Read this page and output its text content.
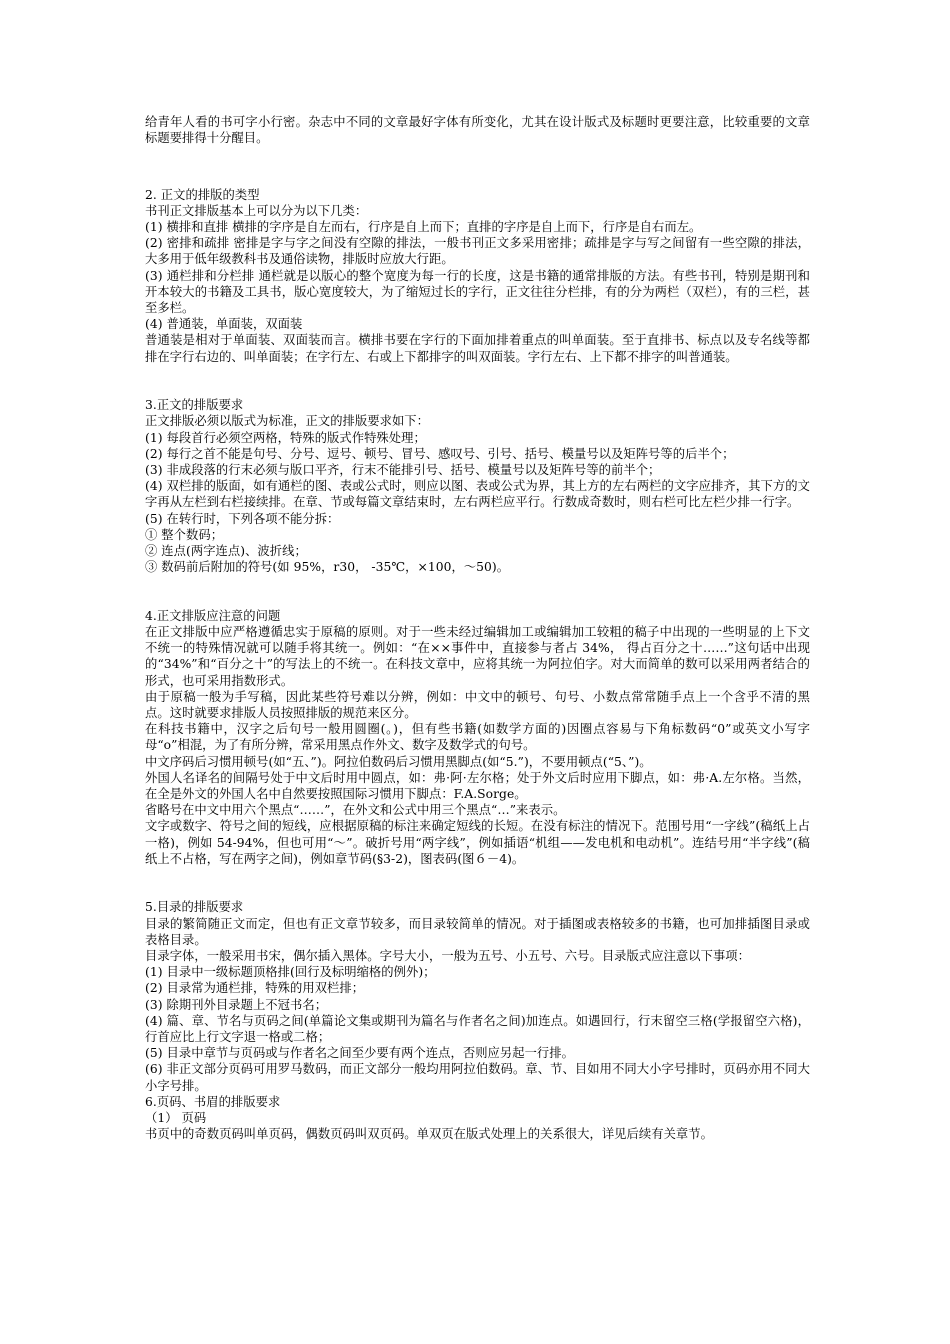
给青年人看的书可字小行密。杂志中不同的文章最好字体有所变化，尤其在设计版式及标题时更要注意，比较重要的文章标题要排得十分醒目。

2. 正文的排版的类型

书刊正文排版基本上可以分为以下几类：

(1) 横排和直排 横排的字序是自左而右，行序是自上而下；直排的字序是自上而下，行序是自右而左。

(2) 密排和疏排 密排是字与字之间没有空隙的排法，一般书刊正文多采用密排；疏排是字与写之间留有一些空隙的排法，大多用于低年级教科书及通俗读物，排版时应放大行距。

(3) 通栏排和分栏排 通栏就是以版心的整个宽度为每一行的长度，这是书籍的通常排版的方法。有些书刊，特别是期刊和开本较大的书籍及工具书，版心宽度较大，为了缩短过长的字行，正文往往分栏排，有的分为两栏（双栏），有的三栏，甚至多栏。

(4) 普通装，单面装，双面装

普通装是相对于单面装、双面装而言。横排书要在字行的下面加排着重点的叫单面装。至于直排书、标点以及专名线等都排在字行右边的、叫单面装；在字行左、右或上下都排字的叫双面装。字行左右、上下都不排字的叫普通装。

3.正文的排版要求

正文排版必须以版式为标准，正文的排版要求如下：

(1) 每段首行必须空两格，特殊的版式作特殊处理；

(2) 每行之首不能是句号、分号、逗号、顿号、冒号、感叹号、引号、括号、模量号以及矩阵号等的后半个；

(3) 非成段落的行末必须与版口平齐，行末不能排引号、括号、模量号以及矩阵号等的前半个；

(4) 双栏排的版面，如有通栏的图、表或公式时，则应以图、表或公式为界，其上方的左右两栏的文字应排齐，其下方的文字再从左栏到右栏接续排。在章、节或每篇文章结束时，左右两栏应平行。行数成奇数时，则右栏可比左栏少排一行字。

(5) 在转行时，下列各项不能分拆：

① 整个数码；

② 连点(两字连点)、波折线；

③ 数码前后附加的符号(如 95%，r30， -35℃，×100，～50)。

4.正文排版应注意的问题

在正文排版中应严格遵循忠实于原稿的原则。对于一些未经过编辑加工或编辑加工较粗的稿子中出现的一些明显的上下文不统一的特殊情况就可以随手将其统一。例如：“在××事件中，直接参与者占 34%， 得占百分之十……”这句话中出现的“34%”和“百分之十”的写法上的不统一。在科技文章中，应将其统一为阿拉伯字。对大而简单的数可以采用两者结合的形式，也可采用指数形式。

由于原稿一般为手写稿，因此某些符号难以分辨，例如：中文中的顿号、句号、小数点常常随手点上一个含乎不清的黑点。这时就要求排版人员按照排版的规范来区分。

在科技书籍中，汉字之后句号一般用圆圈(。)，但有些书籍(如数学方面的)因圈点容易与下角标数码“0”或英文小写字母“o”相混，为了有所分辨，常采用黑点作外文、数字及数学式的句号。

中文序码后习惯用顿号(如“五、”)。阿拉伯数码后习惯用黑脚点(如“5.”)，不要用顿点(“5、”)。

外国人名译名的间隔号处于中文后时用中圆点，如：弗·阿·左尔格；处于外文后时应用下脚点，如：弗·A.左尔格。当然，在全是外文的外国人名中自然要按照国际习惯用下脚点：F.A.Sorge。

省略号在中文中用六个黑点“……”，在外文和公式中用三个黑点“…”来表示。

文字或数字、符号之间的短线，应根据原稿的标注来确定短线的长短。在没有标注的情况下。范围号用“一字线”(稿纸上占一格)，例如 54-94%，但也可用“～”。破折号用“两字线”，例如插语“机组——发电机和电动机”。连结号用“半字线”(稿纸上不占格，写在两字之间)，例如章节码(§3-2)，图表码(图６－4)。

5.目录的排版要求

目录的繁简随正文而定，但也有正文章节较多，而目录较简单的情况。对于插图或表格较多的书籍，也可加排插图目录或表格目录。

目录字体，一般采用书宋，偶尔插入黑体。字号大小，一般为五号、小五号、六号。目录版式应注意以下事项：

(1) 目录中一级标题顶格排(回行及标明缩格的例外)；

(2) 目录常为通栏排，特殊的用双栏排；

(3) 除期刊外目录题上不冠书名；

(4) 篇、章、节名与页码之间(单篇论文集或期刊为篇名与作者名之间)加连点。如遇回行，行末留空三格(学报留空六格)，行首应比上行文字退一格或二格；

(5) 目录中章节与页码或与作者名之间至少要有两个连点，否则应另起一行排。

(6) 非正文部分页码可用罗马数码，而正文部分一般均用阿拉伯数码。章、节、目如用不同大小字号排时，页码亦用不同大小字号排。

6.页码、书眉的排版要求

（1） 页码

书页中的奇数页码叫单页码，偶数页码叫双页码。单双页在版式处理上的关系很大，详见后续有关章节。
